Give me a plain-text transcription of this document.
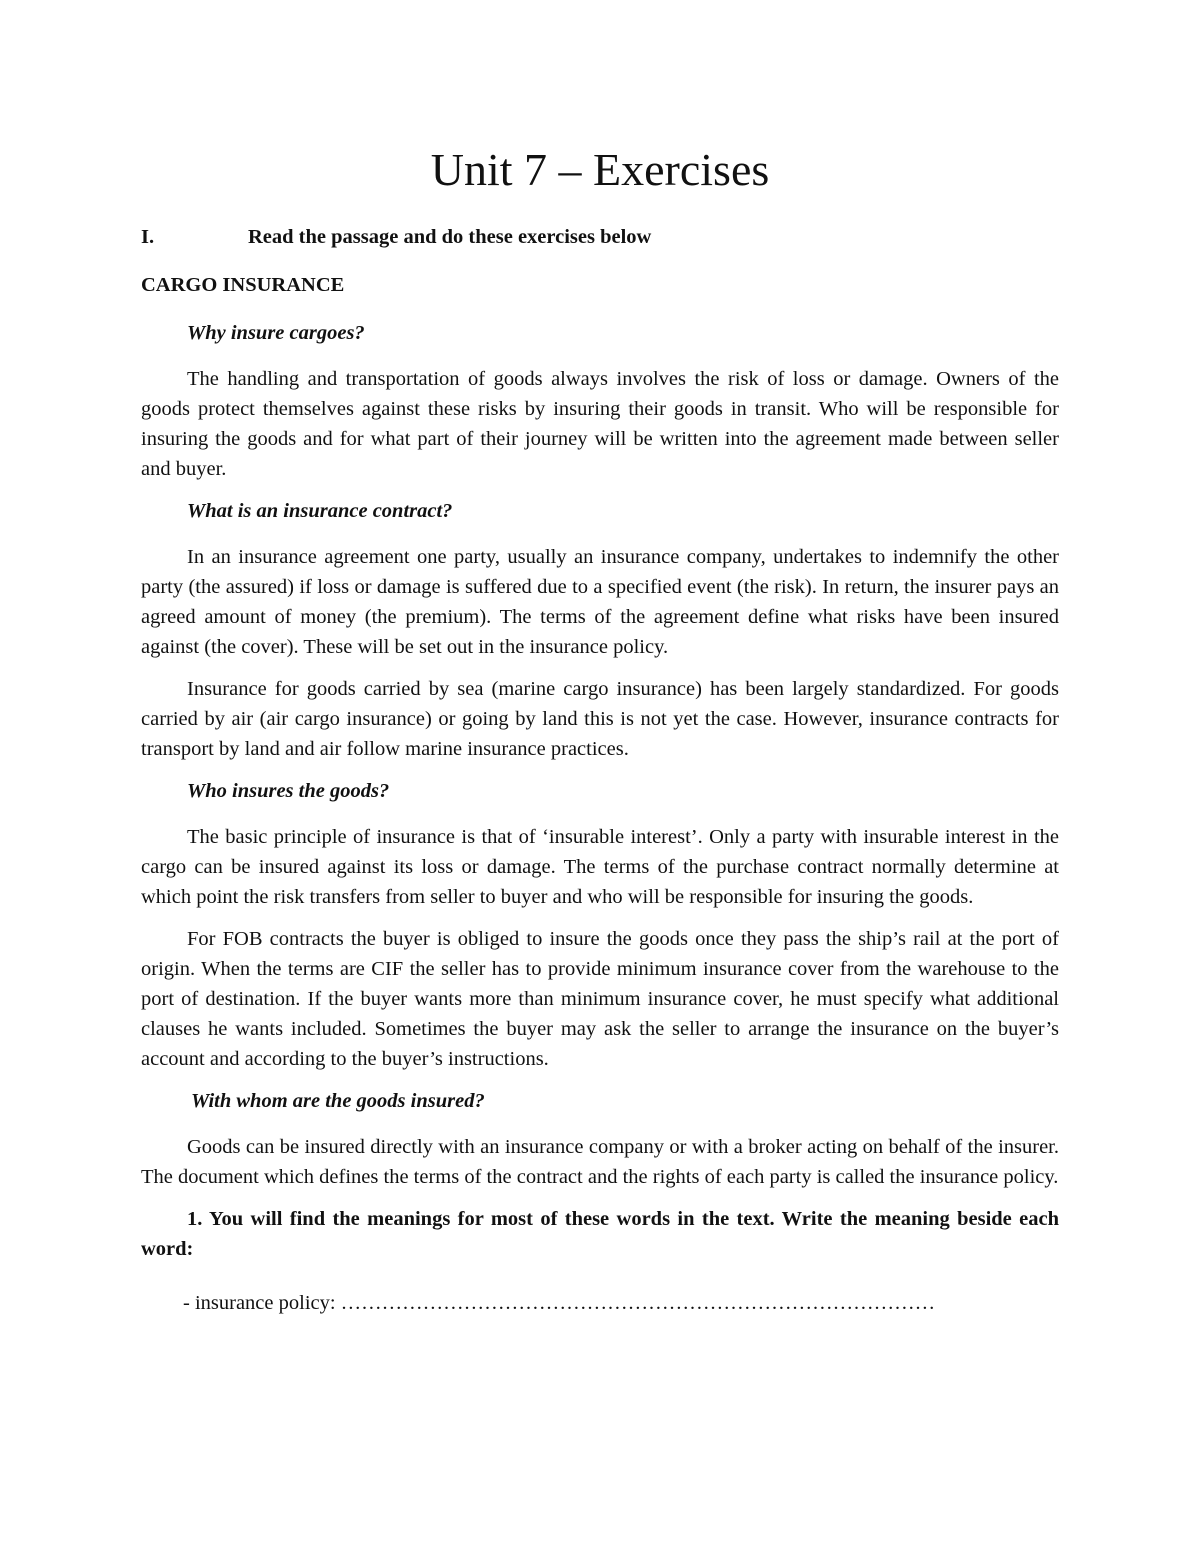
Unit 7 – Exercises
I.	Read the passage and do these exercises below
CARGO INSURANCE
Why insure cargoes?

The handling and transportation of goods always involves the risk of loss or damage. Owners of the goods protect themselves against these risks by insuring their goods in transit. Who will be responsible for insuring the goods and for what part of their journey will be written into the agreement made between seller and buyer.

What is an insurance contract?

In an insurance agreement one party, usually an insurance company, undertakes to indemnify the other party (the assured) if loss or damage is suffered due to a specified event (the risk). In return, the insurer pays an agreed amount of money (the premium). The terms of the agreement define what risks have been insured against (the cover). These will be set out in the insurance policy.

Insurance for goods carried by sea (marine cargo insurance) has been largely standardized. For goods carried by air (air cargo insurance) or going by land this is not yet the case. However, insurance contracts for transport by land and air follow marine insurance practices.

Who insures the goods?

The basic principle of insurance is that of ‘insurable interest’. Only a party with insurable interest in the cargo can be insured against its loss or damage. The terms of the purchase contract normally determine at which point the risk transfers from seller to buyer and who will be responsible for insuring the goods.

For FOB contracts the buyer is obliged to insure the goods once they pass the ship’s rail at the port of origin. When the terms are CIF the seller has to provide minimum insurance cover from the warehouse to the port of destination. If the buyer wants more than minimum insurance cover, he must specify what additional clauses he wants included. Sometimes the buyer may ask the seller to arrange the insurance on the buyer’s account and according to the buyer’s instructions.

With whom are the goods insured?

Goods can be insured directly with an insurance company or with a broker acting on behalf of the insurer. The document which defines the terms of the contract and the rights of each party is called the insurance policy.

1. You will find the meanings for most of these words in the text. Write the meaning beside each word:

- insurance policy: ……………………………………………………………………………
